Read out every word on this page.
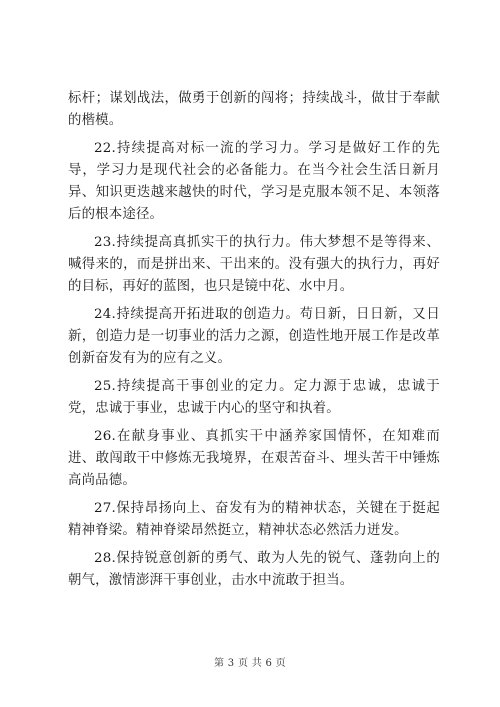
标杆；谋划战法，做勇于创新的闯将；持续战斗，做甘于奉献的楷模。

22.持续提高对标一流的学习力。学习是做好工作的先导，学习力是现代社会的必备能力。在当今社会生活日新月异、知识更迭越来越快的时代，学习是克服本领不足、本领落后的根本途径。

23.持续提高真抓实干的执行力。伟大梦想不是等得来、喊得来的，而是拼出来、干出来的。没有强大的执行力，再好的目标，再好的蓝图，也只是镜中花、水中月。

24.持续提高开拓进取的创造力。苟日新，日日新，又日新，创造力是一切事业的活力之源，创造性地开展工作是改革创新奋发有为的应有之义。

25.持续提高干事创业的定力。定力源于忠诚，忠诚于党，忠诚于事业，忠诚于内心的坚守和执着。

26.在献身事业、真抓实干中涵养家国情怀，在知难而进、敢闯敢干中修炼无我境界，在艰苦奋斗、埋头苦干中锤炼高尚品德。

27.保持昂扬向上、奋发有为的精神状态，关键在于挺起精神脊梁。精神脊梁昂然挺立，精神状态必然活力迸发。

28.保持锐意创新的勇气、敢为人先的锐气、蓬勃向上的朝气，激情澎湃干事创业，击水中流敢于担当。

第 3 页 共 6 页
